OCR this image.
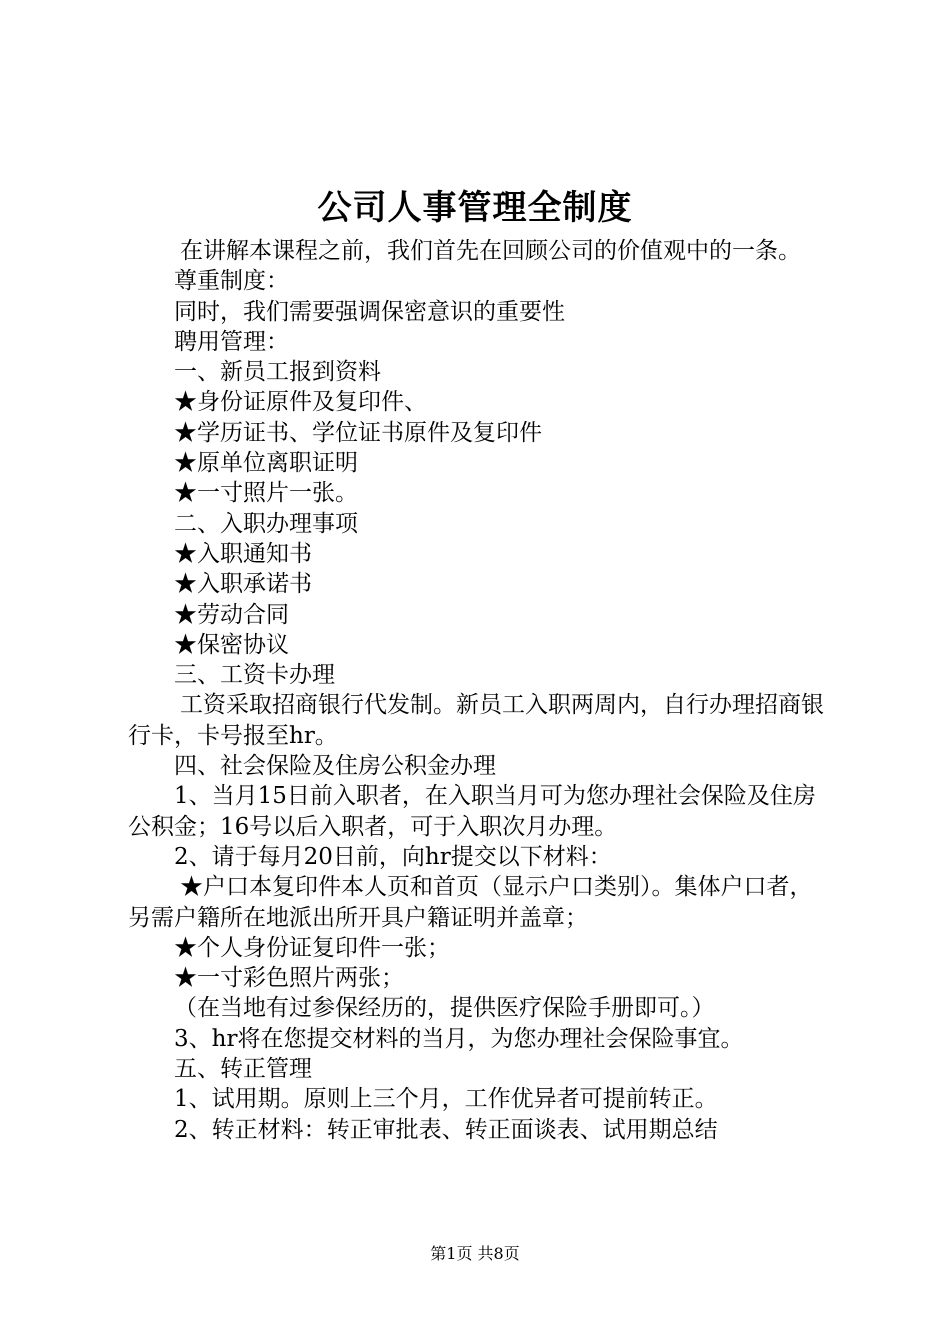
公司人事管理全制度

在讲解本课程之前，我们首先在回顾公司的价值观中的一条。

尊重制度：

同时，我们需要强调保密意识的重要性

聘用管理：

一、新员工报到资料

★身份证原件及复印件、

★学历证书、学位证书原件及复印件

★原单位离职证明

★一寸照片一张。

二、入职办理事项

★入职通知书

★入职承诺书

★劳动合同

★保密协议

三、工资卡办理

工资采取招商银行代发制。新员工入职两周内，自行办理招商银行卡，卡号报至hr。

四、社会保险及住房公积金办理

1、当月15日前入职者，在入职当月可为您办理社会保险及住房公积金；16号以后入职者，可于入职次月办理。

2、请于每月20日前，向hr提交以下材料：

★户口本复印件本人页和首页（显示户口类别）。集体户口者，另需户籍所在地派出所开具户籍证明并盖章；

★个人身份证复印件一张；

★一寸彩色照片两张；

（在当地有过参保经历的，提供医疗保险手册即可。）

3、hr将在您提交材料的当月，为您办理社会保险事宜。

五、转正管理

1、试用期。原则上三个月，工作优异者可提前转正。

2、转正材料：转正审批表、转正面谈表、试用期总结

第1页 共8页
